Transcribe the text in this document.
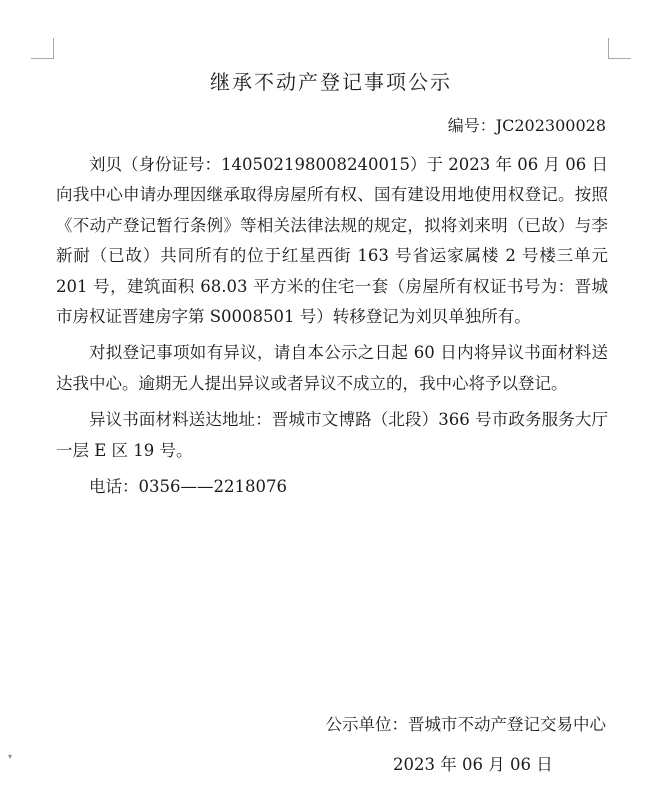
▾
继承不动产登记事项公示
编号：JC202300028

刘贝（身份证号：140502198008240015）于 2023 年 06 月 06 日向我中心申请办理因继承取得房屋所有权、国有建设用地使用权登记。按照《不动产登记暂行条例》等相关法律法规的规定，拟将刘来明（已故）与李新耐（已故）共同所有的位于红星西街 163 号省运家属楼 2 号楼三单元 201 号，建筑面积 68.03 平方米的住宅一套（房屋所有权证书号为：晋城市房权证晋建房字第 S0008501 号）转移登记为刘贝单独所有。

对拟登记事项如有异议，请自本公示之日起 60 日内将异议书面材料送达我中心。逾期无人提出异议或者异议不成立的，我中心将予以登记。

异议书面材料送达地址：晋城市文博路（北段）366 号市政务服务大厅一层 E 区 19 号。

电话：0356——2218076

公示单位：晋城市不动产登记交易中心
2023 年 06 月 06 日
